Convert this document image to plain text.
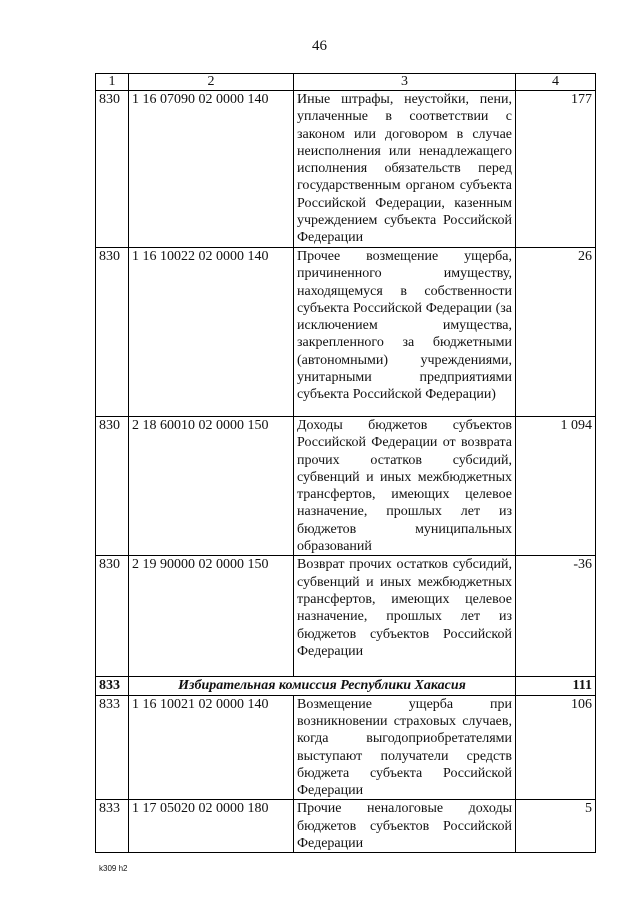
46
1	2	3	4
830	1 16 07090 02 0000 140	Иные штрафы, неустойки, пени, уплаченные в соответствии с законом или договором в случае неисполнения или ненадлежащего исполнения обязательств перед государственным органом субъекта Российской Федерации, казенным учреждением субъекта Российской Федерации	177
830	1 16 10022 02 0000 140	Прочее возмещение ущерба, причиненного имуществу, находящемуся в собственности субъекта Российской Федерации (за исключением имущества, закрепленного за бюджетными (автономными) учреждениями, унитарными предприятиями субъекта Российской Федерации)	26
830	2 18 60010 02 0000 150	Доходы бюджетов субъектов Российской Федерации от возврата прочих остатков субсидий, субвенций и иных межбюджетных трансфертов, имеющих целевое назначение, прошлых лет из бюджетов муниципальных образований	1 094
830	2 19 90000 02 0000 150	Возврат прочих остатков субсидий, субвенций и иных межбюджетных трансфертов, имеющих целевое назначение, прошлых лет из бюджетов субъектов Российской Федерации	-36
833	Избирательная комиссия Республики Хакасия		111
833	1 16 10021 02 0000 140	Возмещение ущерба при возникновении страховых случаев, когда выгодоприобретателями выступают получатели средств бюджета субъекта Российской Федерации	106
833	1 17 05020 02 0000 180	Прочие неналоговые доходы бюджетов субъектов Российской Федерации	5
k309 h2
